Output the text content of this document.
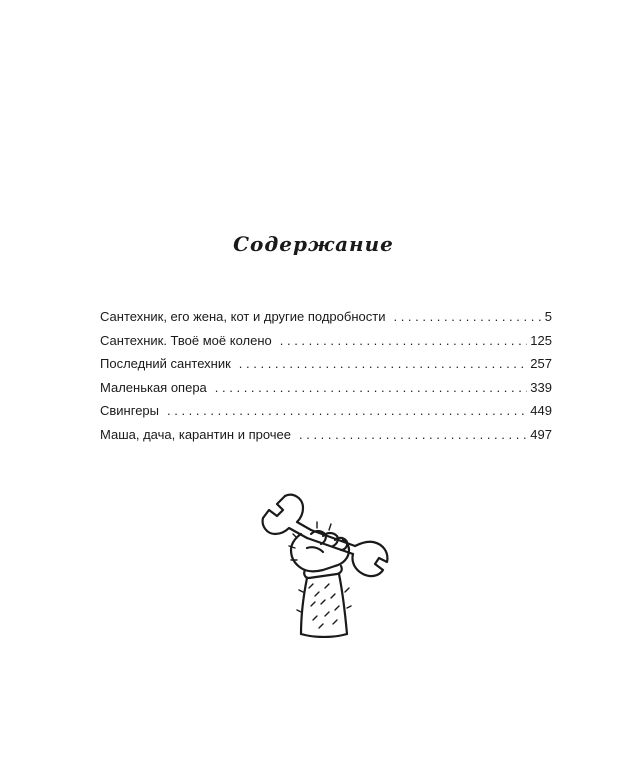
Содержание
Сантехник, его жена, кот и другие подробности . . .	5
Сантехник. Твоё моё колено . . .	125
Последний сантехник . . .	257
Маленькая опера . . .	339
Свингеры . . .	449
Маша, дача, карантин и прочее . . .	497
